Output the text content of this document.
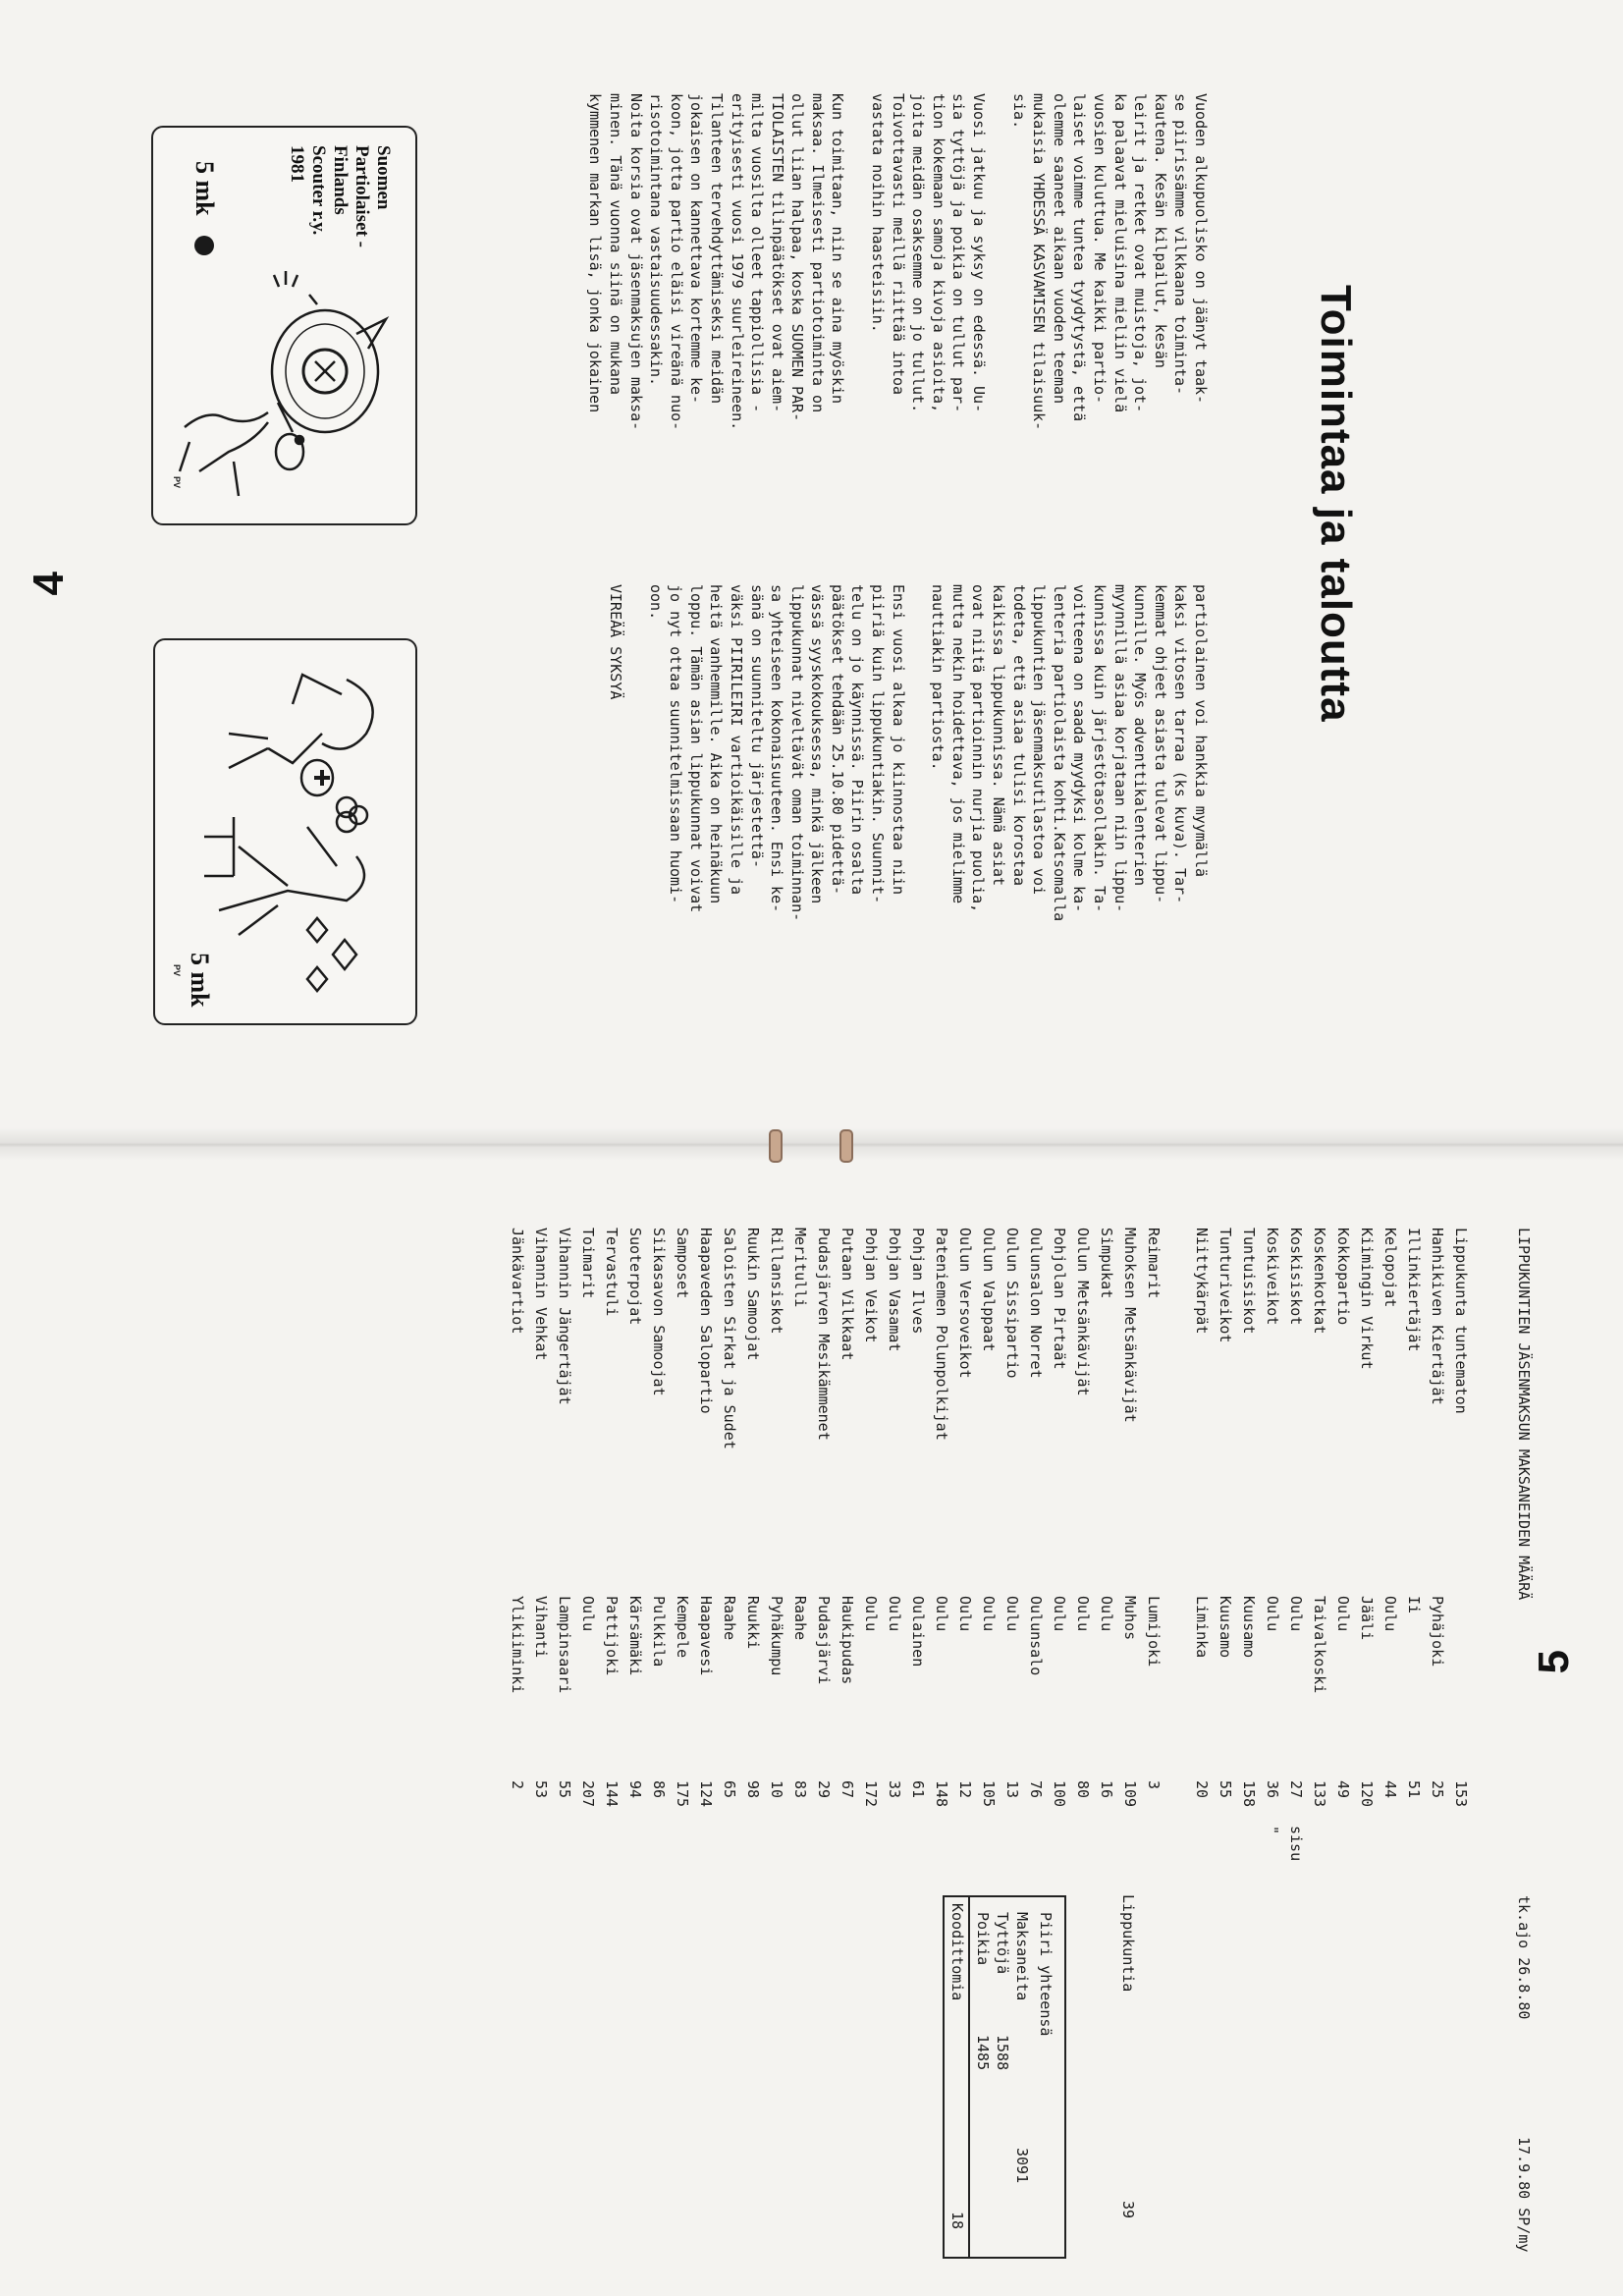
Toimintaa ja taloutta

Vuoden alkupuolisko on jäänyt taak-
se piirissämme vilkkaana toiminta-
kautena. Kesän kilpailut, kesän
leirit ja retket ovat muistoja, jot-
ka palaavat mieluisina mieliin vielä
vuosien kuluttua. Me kaikki partio-
laiset voimme tuntea tyydytystä, että
olemme saaneet aikaan vuoden teeman
mukaisia YHDESSÄ KASVAMISEN tilaisuuk-
sia.

Vuosi jatkuu ja syksy on edessä. Uu-
sia tyttöjä ja poikia on tullut par-
tion kokemaan samoja kivoja asioita,
joita meidän osaksemme on jo tullut.
Toivottavasti meillä riittää intoa
vastata noihin haasteisiin.

Kun toimitaan, niin se aina myöskin
maksaa. Ilmeisesti partiotoiminta on
ollut liian halpaa, koska SUOMEN PAR-
TIOLAISTEN tilinpäätökset ovat aiem-
milta vuosilta olleet tappiollisia -
erityisesti vuosi 1979 suurleireineen.
Tilanteen tervehdyttämiseksi meidän
jokaisen on kannettava kortemme ke-
koon, jotta partio eläisi vireänä nuo-
risotoimintana vastaisuudessakin.
Noita korsia ovat jäsenmaksujen maksa-
minen. Tänä vuonna siinä on mukana
kymmenen markan lisä, jonka jokainen

partiolainen voi hankkia myymällä
kaksi vitosen tarraa (ks kuva). Tar-
kemmat ohjeet asiasta tulevat lippu-
kunnille. Myös adventtikalenterien
myynnillä asiaa korjataan niin lippu-
kunnissa kuin järjestötasollakin. Ta-
voitteena on saada myydyksi kolme ka-
lenteria partiolaista kohti.Katsomalla
lippukuntien jäsenmaksutilastoa voi
todeta, että asiaa tulisi korostaa
kaikissa lippukunnissa. Nämä asiat
ovat niitä partioinnin nurjia puolia,
mutta nekin hoidettava, jos mielimme
nauttiakin partiosta.

Ensi vuosi alkaa jo kiinnostaa niin
piiriä kuin lippukuntiakin. Suunnit-
telu on jo käynnissä. Piirin osalta
päätökset tehdään 25.10.80 pidettä-
vässä syyskokouksessa, minkä jälkeen
lippukunnat niveltävät oman toiminnan-
sa yhteiseen kokonaisuuteen. Ensi ke-
sänä on suunniteltu järjestettä-
väksi PIIRILEIRI vartioikäisille ja
heitä vanhemmille. Aika on heinäkuun
loppu. Tämän asian lippukunnat voivat
jo nyt ottaa suunnitelmissaan huomi-
oon.

VIREÄÄ SYKSYÄ

Suomen
Partiolaiset -
Finlands
Scouter r.y.
1981
5 mk
PV
5 mk
PV
4
LIPPUKUNTIEN JÄSENMAKSUN MAKSANEIDEN MÄÄRÄ
tk.ajo 26.8.80
17.9.80 SP/my
Lippukunta tuntematon
153
Hanhikiven Kiertäjät
Pyhäjoki
25
Illinkiertäjät
Ii
51
Kelopojat
Oulu
44
Kiimingin Virkut
Jääli
120
Kokkopartio
Oulu
49
Koskenkotkat
Taivalkoski
133
Koskisiskot
Oulu
27
sisu
Koskiveikot
Oulu
36
"
Tuntuisiskot
Kuusamo
158
Tunturiveikot
Kuusamo
55
Niittykärpät
Liminka
20
Reimarit
Lumijoki
3
Muhoksen Metsänkävijät
Muhos
109
Simpukat
Oulu
16
Oulun Metsänkävijät
Oulu
80
Pohjolan Pirtaät
Oulu
100
Oulunsalon Norret
Oulunsalo
76
Oulun Sissipartio
Oulu
13
Oulun Valppaat
Oulu
105
Oulun Versoveikot
Oulu
12
Pateniemen Polunpolkijat
Oulu
148
Pohjan Ilves
Oulainen
61
Pohjan Vasamat
Oulu
33
Pohjan Veikot
Oulu
172
Putaan Vilkkaat
Haukipudas
67
Pudasjärven Mesikämmenet
Pudasjärvi
29
Meritulli
Raahe
83
Rillansiskot
Pyhäkumpu
10
Ruukin Samoojat
Ruukki
98
Saloisten Sirkat ja Sudet
Raahe
65
Haapaveden Salopartio
Haapavesi
124
Samposet
Kempele
175
Siikasavon Samoojat
Pulkkila
86
Suoterpojat
Kärsämäki
94
Tervastuli
Pattijoki
144
Toimarit
Oulu
207
Vihannin Jängertäjät
Lampinsaari
55
Vihannin Vehkat
Vihanti
53
Jänkävartiot
Ylikiiminki
2
Lippukuntia
39
Piiri yhteensä
Maksaneita
3091
Tyttöjä
1588
Poikia
1485
Koodittomia
18
5
